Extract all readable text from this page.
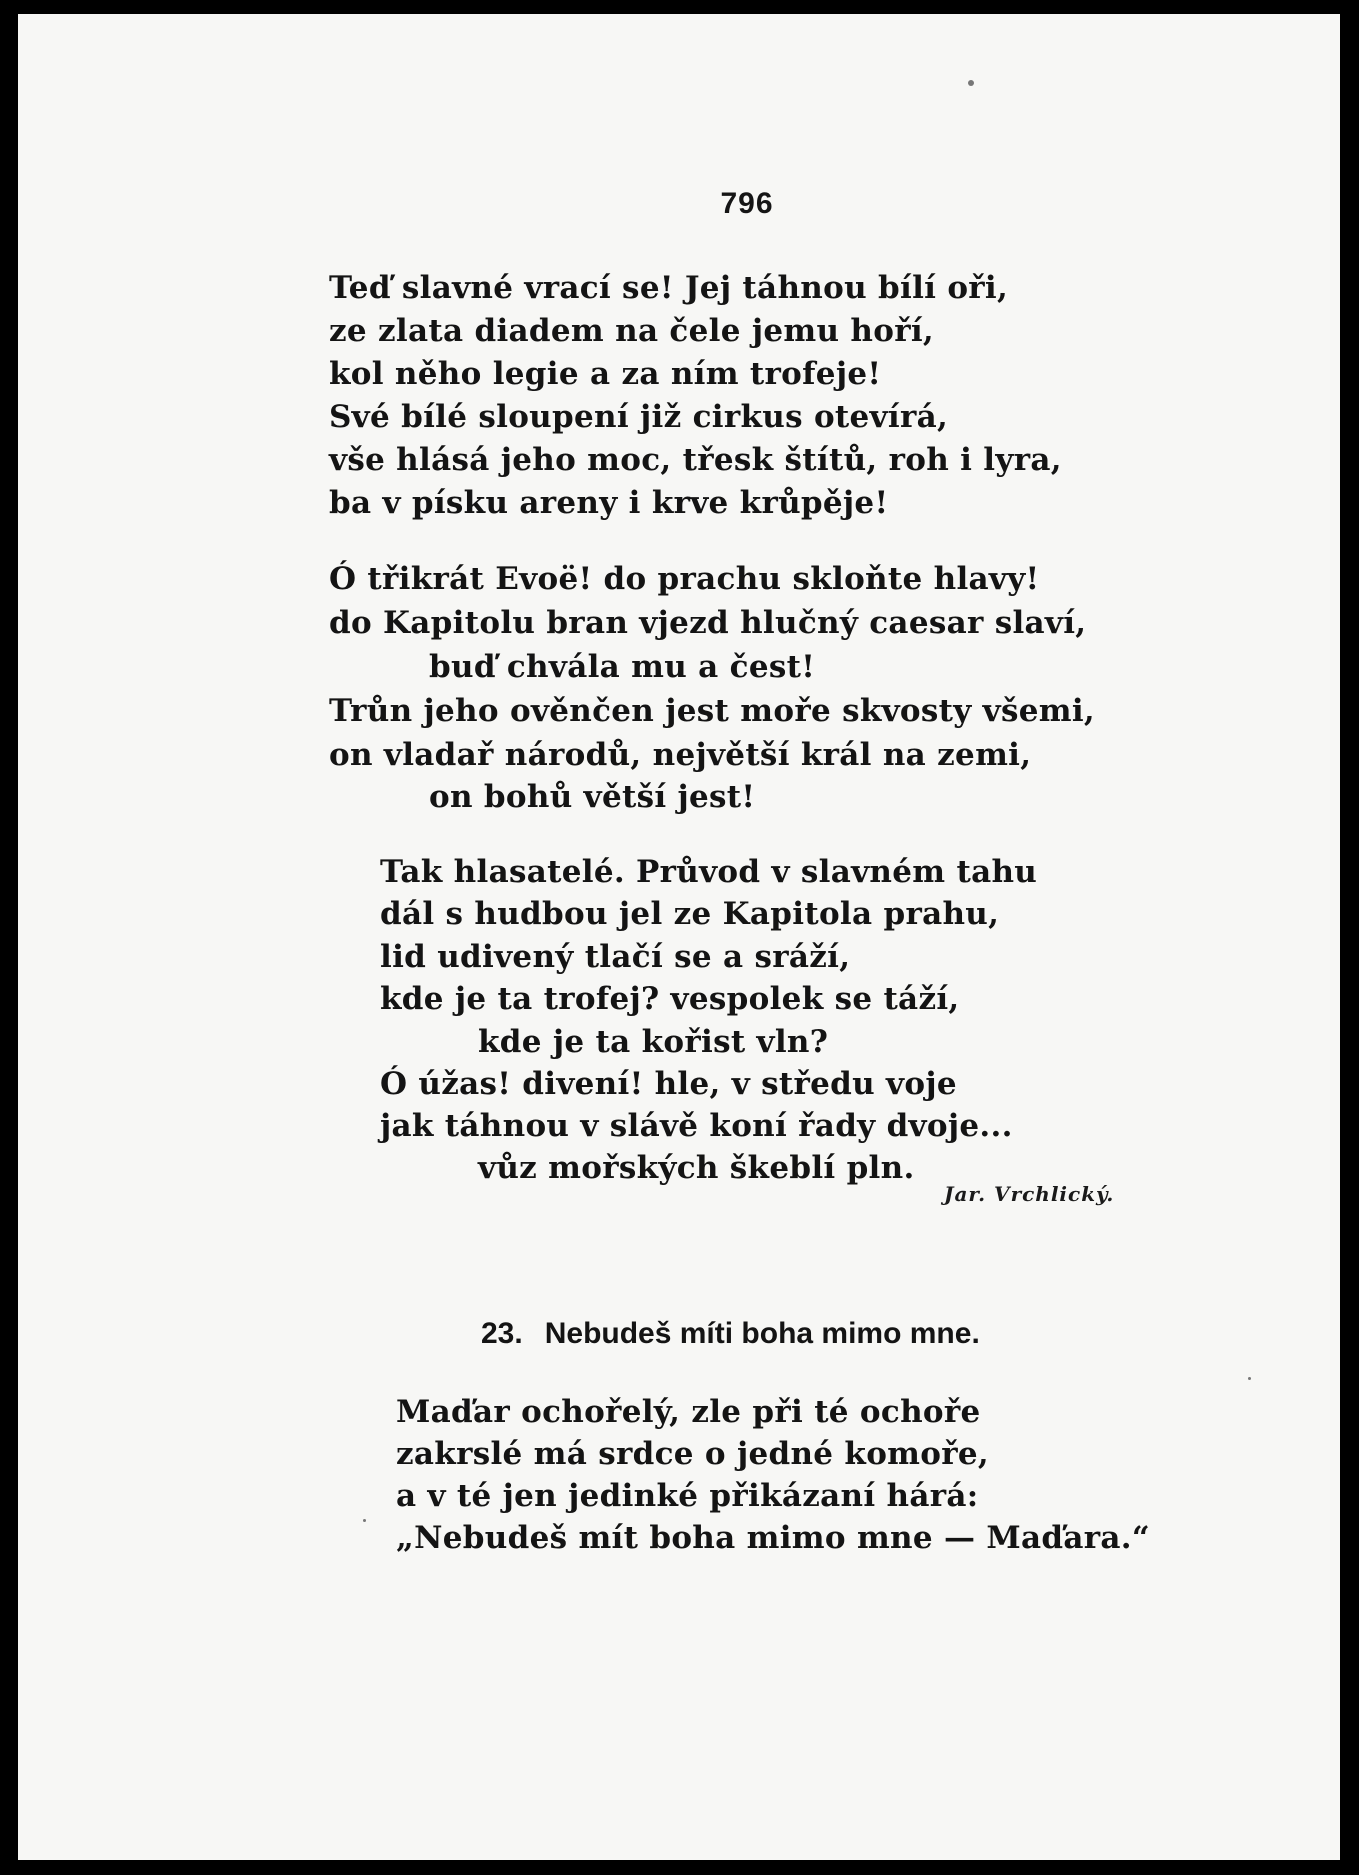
796
Teď slavné vrací se! Jej táhnou bílí oři,
ze zlata diadem na čele jemu hoří,
kol něho legie a za ním trofeje!
Své bílé sloupení již cirkus otevírá,
vše hlásá jeho moc, třesk štítů, roh i lyra,
ba v písku areny i krve krůpěje!
Ó třikrát Evoë! do prachu skloňte hlavy!
do Kapitolu bran vjezd hlučný caesar slaví,
buď chvála mu a čest!
Trůn jeho ověnčen jest moře skvosty všemi,
on vladař národů, největší král na zemi,
on bohů větší jest!
Tak hlasatelé. Průvod v slavném tahu
dál s hudbou jel ze Kapitola prahu,
lid udivený tlačí se a sráží,
kde je ta trofej? vespolek se táží,
kde je ta kořist vln?
Ó úžas! divení! hle, v středu voje
jak táhnou v slávě koní řady dvoje...
vůz mořských škeblí pln.
Jar. Vrchlický.
23. Nebudeš míti boha mimo mne.
Maďar ochořelý, zle při té ochoře
zakrslé má srdce o jedné komoře,
a v té jen jedinké přikázaní hárá:
„Nebudeš mít boha mimo mne — Maďara.“
